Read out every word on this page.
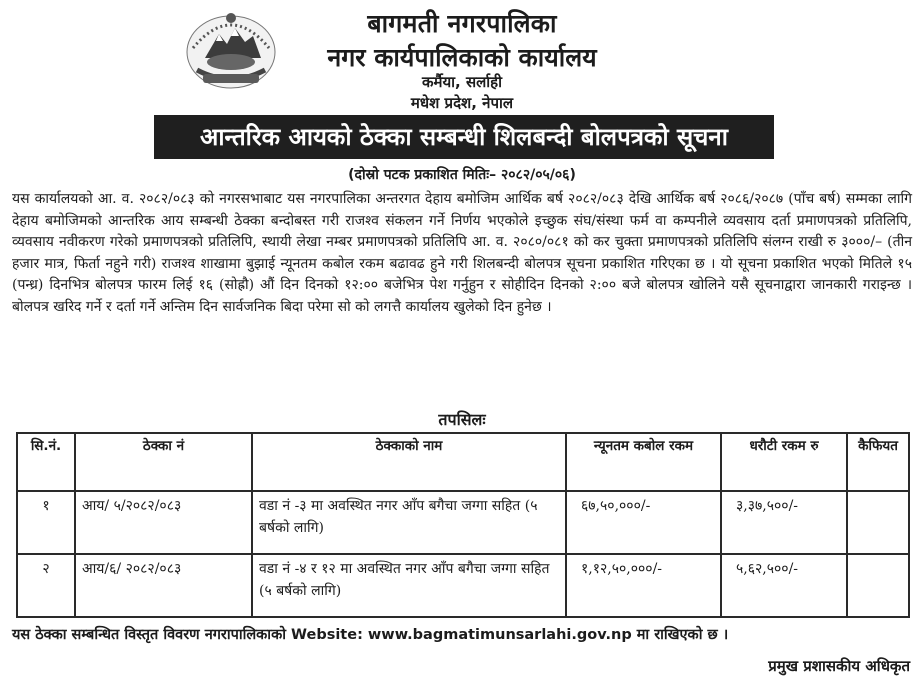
बागमती नगरपालिका
नगर कार्यपालिकाको कार्यालय
कर्मैया, सर्लाही
मधेश प्रदेश, नेपाल
आन्तरिक आयको ठेक्का सम्बन्धी शिलबन्दी बोलपत्रको सूचना
(दोस्रो पटक प्रकाशित मितिः– २०८२/०५/०६)
यस कार्यालयको आ. व. २०८२/०८३ को नगरसभाबाट यस नगरपालिका अन्तरगत देहाय बमोजिम आर्थिक बर्ष २०८२/०८३ देखि आर्थिक बर्ष २०८६/२०८७ (पाँच बर्ष) सम्मका लागि देहाय बमोजिमको आन्तरिक आय सम्बन्धी ठेक्का बन्दोबस्त गरी राजश्व संकलन गर्ने निर्णय भएकोले इच्छुक संघ/संस्था फर्म वा कम्पनीले व्यवसाय दर्ता प्रमाणपत्रको प्रतिलिपि, व्यवसाय नवीकरण गरेको प्रमाणपत्रको प्रतिलिपि, स्थायी लेखा नम्बर प्रमाणपत्रको प्रतिलिपि आ. व. २०८०/०८१ को कर चुक्ता प्रमाणपत्रको प्रतिलिपि संलग्न राखी रु ३०००/– (तीन हजार मात्र, फिर्ता नहुने गरी) राजश्व शाखामा बुझाई न्यूनतम कबोल रकम बढावढ हुने गरी शिलबन्दी बोलपत्र सूचना प्रकाशित गरिएका छ । यो सूचना प्रकाशित भएको मितिले १५ (पन्ध्र) दिनभित्र बोलपत्र फारम लिई १६ (सोह्रौ) औं दिन दिनको १२:०० बजेभित्र पेश गर्नुहुन र सोहीदिन दिनको २:०० बजे बोलपत्र खोलिने यसै सूचनाद्वारा जानकारी गराइन्छ । बोलपत्र खरिद गर्ने र दर्ता गर्ने अन्तिम दिन सार्वजनिक बिदा परेमा सो को लगत्तै कार्यालय खुलेको दिन हुनेछ ।
तपसिलः
सि.नं.	ठेक्का नं	ठेक्काको नाम	न्यूनतम कबोल रकम	धरौटी रकम रु	कैफियत
१	आय/ ५/२०८२/०८३	वडा नं -३ मा अवस्थित नगर आँप बगैचा जग्गा सहित (५ बर्षको लागि)	६७,५०,०००/-	३,३७,५००/-	
२	आय/६/ २०८२/०८३	वडा नं -४ र १२ मा अवस्थित नगर आँप बगैचा जग्गा सहित (५ बर्षको लागि)	१,१२,५०,०००/-	५,६२,५००/-	
यस ठेक्का सम्बन्धित विस्तृत विवरण नगरापालिकाको Website: www.bagmatimunsarlahi.gov.np मा राखिएको छ ।
प्रमुख प्रशासकीय अधिकृत
